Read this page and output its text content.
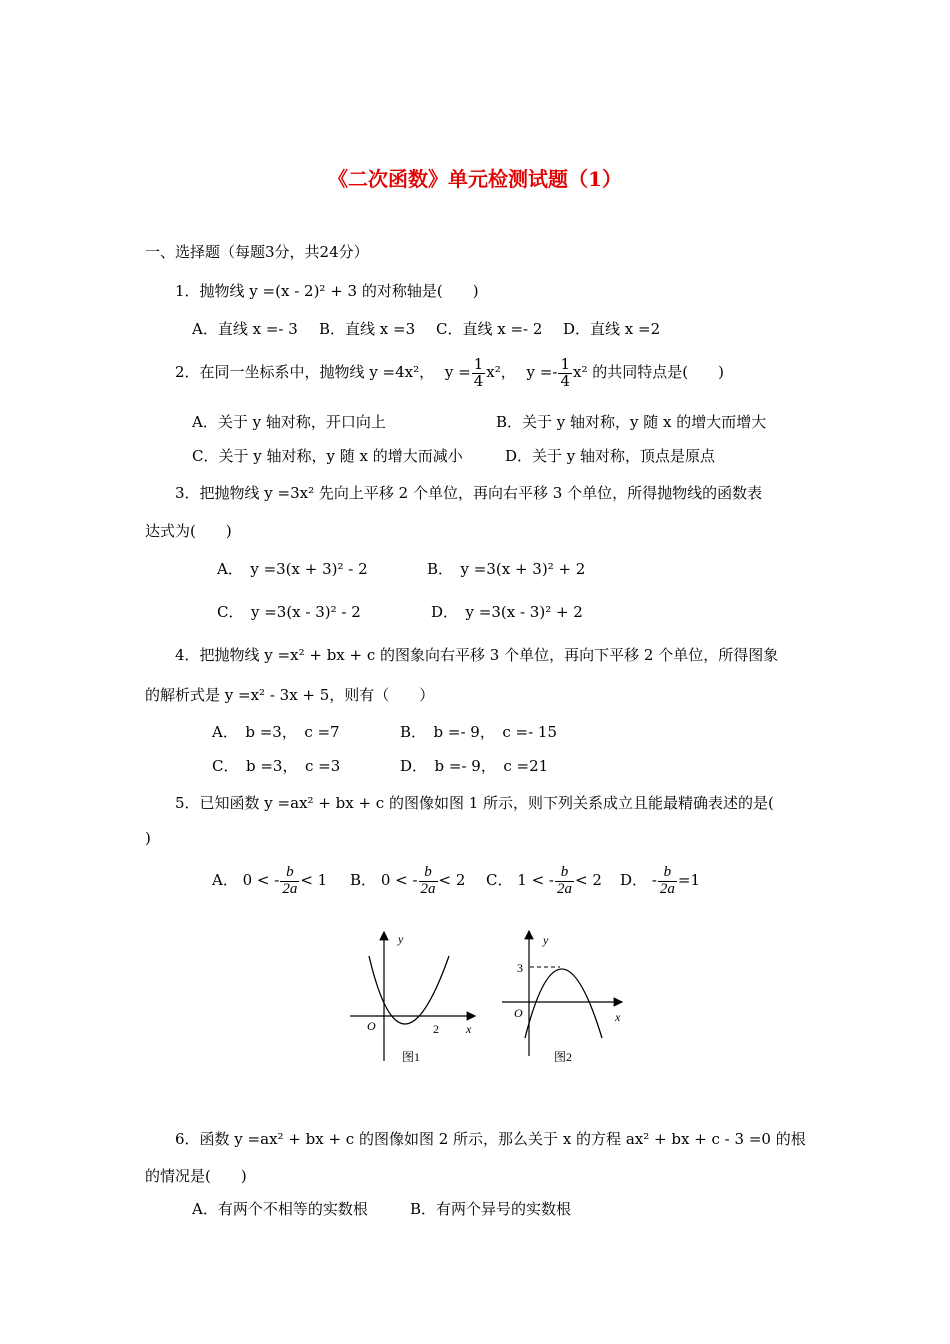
《二次函数》单元检测试题（1）
一、选择题（每题3分，共24分）
1．抛物线 y =(x - 2)² + 3 的对称轴是(　　)
A．直线 x =- 3 B．直线 x =3 C．直线 x =- 2 D．直线 x =2
2．在同一坐标系中，抛物线 y =4x²， $y = \frac{1}{4} x^2$， $y =- \frac{1}{4} x^2$ 的共同特点是(　　)
A．关于 y 轴对称，开口向上	B．关于 y 轴对称，y 随 x 的增大而增大
C．关于 y 轴对称，y 随 x 的增大而减小	D．关于 y 轴对称，顶点是原点
3．把抛物线 y =3x² 先向上平移 2 个单位，再向右平移 3 个单位，所得抛物线的函数表
达式为(　　)
A．　y =3(x + 3)² - 2	B．　y =3(x + 3)² + 2
C．　y =3(x - 3)² - 2	D．　y =3(x - 3)² + 2
4．把抛物线 y =x² + bx + c 的图象向右平移 3 个单位，再向下平移 2 个单位，所得图象
的解析式是 y =x² - 3x + 5，则有（　　）
A．　b =3，　c =7	B．　b =- 9，　c =- 15
C．　b =3，　c =3	D．　b =- 9，　c =21
5．已知函数 y =ax² + bx + c 的图像如图 1 所示，则下列关系成立且能最精确表述的是(
)
A． 0 < - $\frac{b}{2a} < 1$ B． 0 < - $\frac{b}{2a} < 2$ C． 1 < - $\frac{b}{2a} < 2$ D． - $\frac{b}{2a} =1$
y
x
O	2
图1
y
x
O
3
图2
6．函数 y =ax² + bx + c 的图像如图 2 所示，那么关于 x 的方程 ax² + bx + c - 3 =0 的根
的情况是(　　)
A．有两个不相等的实数根	B．有两个异号的实数根
